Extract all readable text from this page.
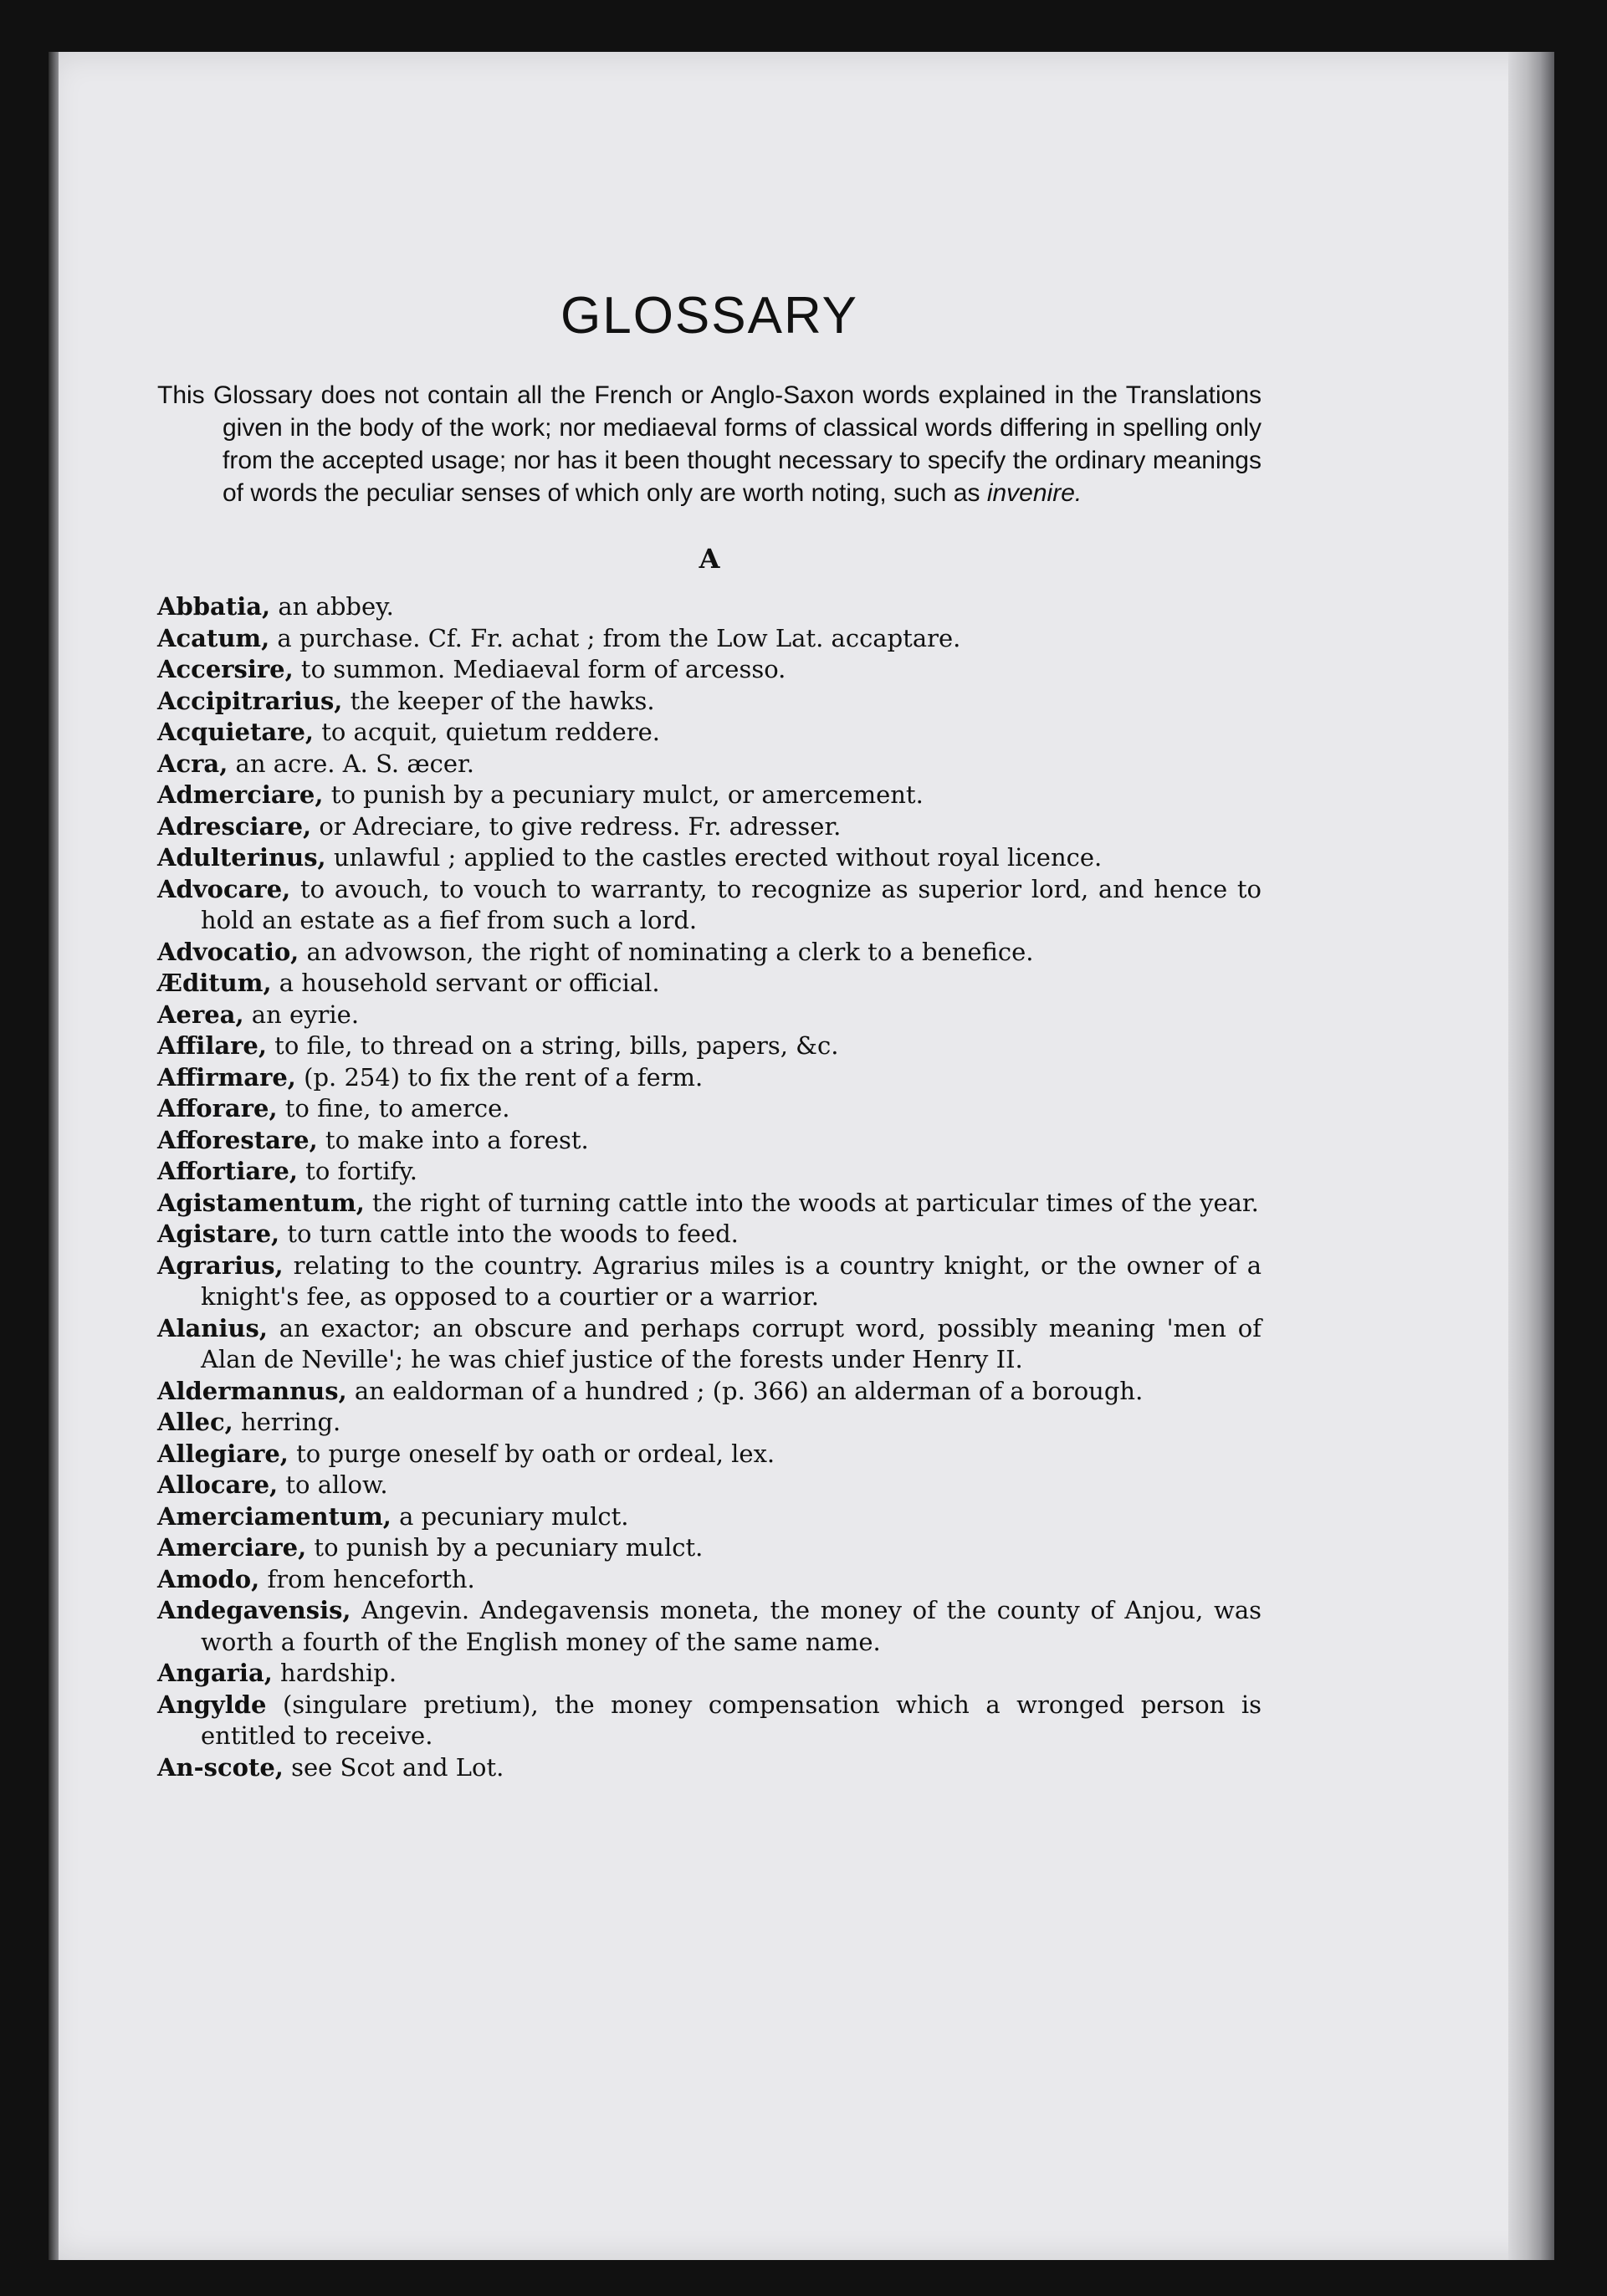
GLOSSARY

This Glossary does not contain all the French or Anglo-Saxon words explained in the Translations given in the body of the work; nor mediaeval forms of classical words differing in spelling only from the accepted usage; nor has it been thought necessary to specify the ordinary meanings of words the peculiar senses of which only are worth noting, such as invenire.

A
Abbatia, an abbey.
Acatum, a purchase. Cf. Fr. achat ; from the Low Lat. accaptare.
Accersire, to summon. Mediaeval form of arcesso.
Accipitrarius, the keeper of the hawks.
Acquietare, to acquit, quietum reddere.
Acra, an acre. A. S. æcer.
Admerciare, to punish by a pecuniary mulct, or amercement.
Adresciare, or Adreciare, to give redress. Fr. adresser.
Adulterinus, unlawful ; applied to the castles erected without royal licence.
Advocare, to avouch, to vouch to warranty, to recognize as superior lord, and hence to hold an estate as a fief from such a lord.
Advocatio, an advowson, the right of nominating a clerk to a benefice.
Æditum, a household servant or official.
Aerea, an eyrie.
Affilare, to file, to thread on a string, bills, papers, &c.
Affirmare, (p. 254) to fix the rent of a ferm.
Afforare, to fine, to amerce.
Afforestare, to make into a forest.
Affortiare, to fortify.
Agistamentum, the right of turning cattle into the woods at particular times of the year.
Agistare, to turn cattle into the woods to feed.
Agrarius, relating to the country. Agrarius miles is a country knight, or the owner of a knight's fee, as opposed to a courtier or a warrior.
Alanius, an exactor; an obscure and perhaps corrupt word, possibly meaning 'men of Alan de Neville'; he was chief justice of the forests under Henry II.
Aldermannus, an ealdorman of a hundred ; (p. 366) an alderman of a borough.
Allec, herring.
Allegiare, to purge oneself by oath or ordeal, lex.
Allocare, to allow.
Amerciamentum, a pecuniary mulct.
Amerciare, to punish by a pecuniary mulct.
Amodo, from henceforth.
Andegavensis, Angevin. Andegavensis moneta, the money of the county of Anjou, was worth a fourth of the English money of the same name.
Angaria, hardship.
Angylde (singulare pretium), the money compensation which a wronged person is entitled to receive.
An-scote, see Scot and Lot.
